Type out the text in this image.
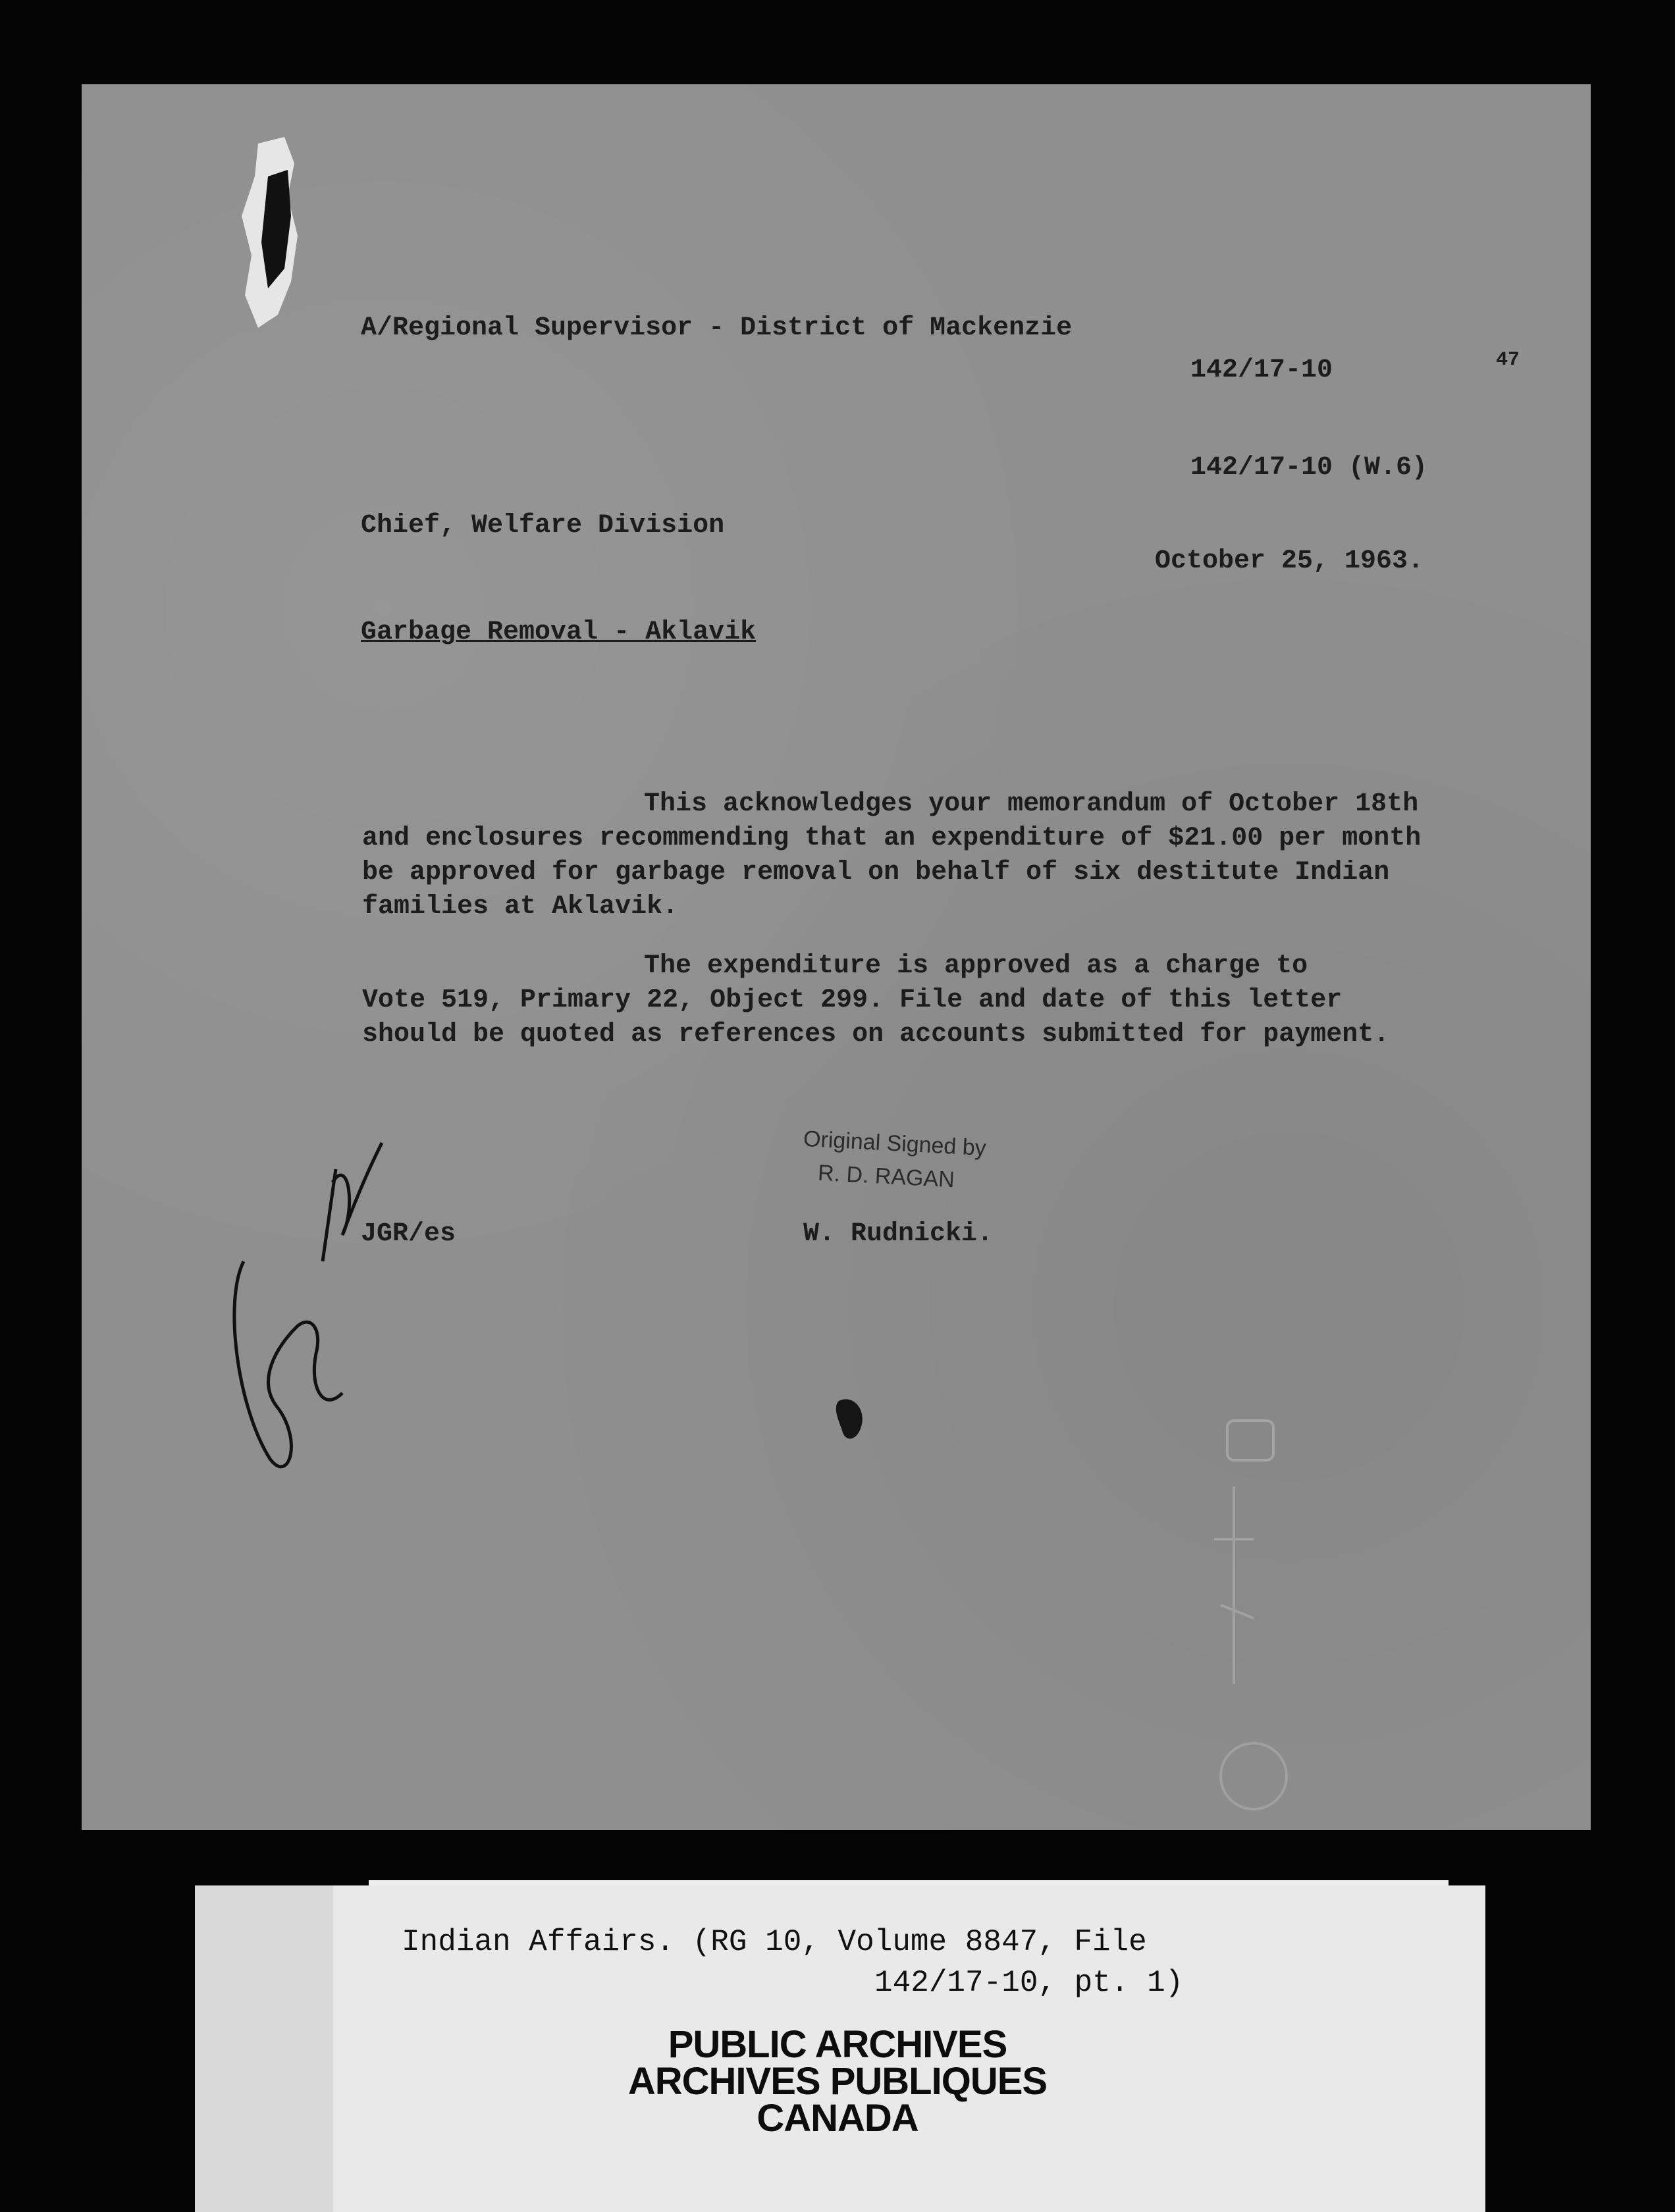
A/Regional Supervisor - District of Mackenzie
142/17-10	47
142/17-10 (W.6)
Chief, Welfare Division
October 25, 1963.
Garbage Removal - Aklavik
This acknowledges your memorandum of October 18th
and enclosures recommending that an expenditure of $21.00 per month
be approved for garbage removal on behalf of six destitute Indian
families at Aklavik.
The expenditure is approved as a charge to
Vote 519, Primary 22, Object 299. File and date of this letter
should be quoted as references on accounts submitted for payment.
Original Signed by
R. D. RAGAN
W. Rudnicki.
JGR/es
Indian Affairs. (RG 10, Volume 8847, File
142/17-10, pt. 1)
PUBLIC ARCHIVES
ARCHIVES PUBLIQUES
CANADA
